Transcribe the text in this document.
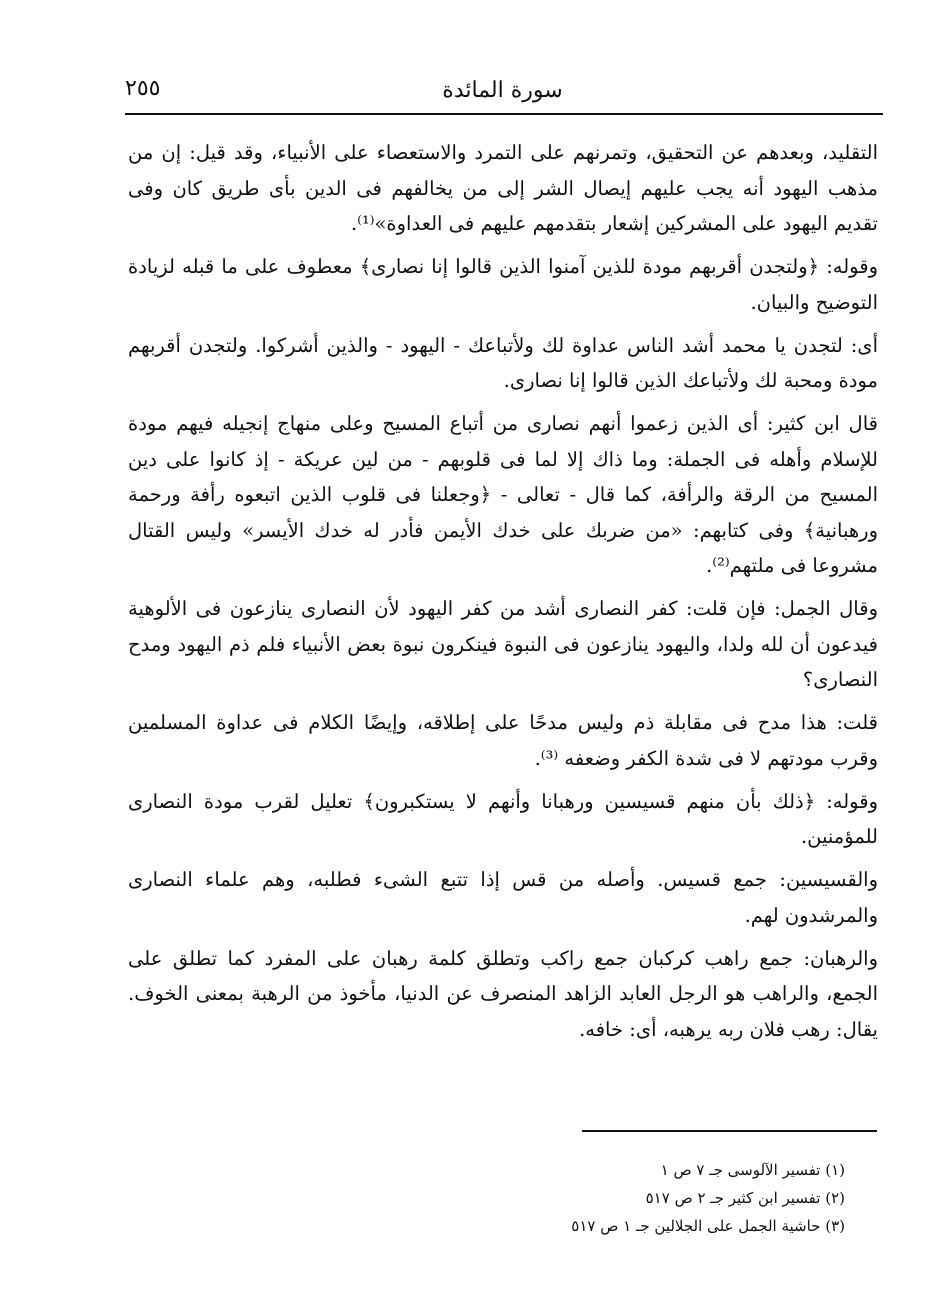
سورة المائدة
٢٥٥

التقليد، وبعدهم عن التحقيق، وتمرنهم على التمرد والاستعصاء على الأنبياء، وقد قيل: إن من مذهب اليهود أنه يجب عليهم إيصال الشر إلى من يخالفهم فى الدين بأى طريق كان وفى تقديم اليهود على المشركين إشعار بتقدمهم عليهم فى العداوة»⁽¹⁾.

وقوله: ﴿ولتجدن أقربهم مودة للذين آمنوا الذين قالوا إنا نصارى﴾ معطوف على ما قبله لزيادة التوضيح والبيان.

أى: لتجدن يا محمد أشد الناس عداوة لك ولأتباعك - اليهود - والذين أشركوا. ولتجدن أقربهم مودة ومحبة لك ولأتباعك الذين قالوا إنا نصارى.

قال ابن كثير: أى الذين زعموا أنهم نصارى من أتباع المسيح وعلى منهاج إنجيله فيهم مودة للإسلام وأهله فى الجملة: وما ذاك إلا لما فى قلوبهم - من لين عريكة - إذ كانوا على دين المسيح من الرقة والرأفة، كما قال - تعالى - ﴿وجعلنا فى قلوب الذين اتبعوه رأفة ورحمة ورهبانية﴾ وفى كتابهم: «من ضربك على خدك الأيمن فأدر له خدك الأيسر» وليس القتال مشروعا فى ملتهم⁽²⁾.

وقال الجمل: فإن قلت: كفر النصارى أشد من كفر اليهود لأن النصارى ينازعون فى الألوهية فيدعون أن لله ولدا، واليهود ينازعون فى النبوة فينكرون نبوة بعض الأنبياء فلم ذم اليهود ومدح النصارى؟

قلت: هذا مدح فى مقابلة ذم وليس مدحًا على إطلاقه، وإيضًا الكلام فى عداوة المسلمين وقرب مودتهم لا فى شدة الكفر وضعفه ⁽³⁾.

وقوله: ﴿ذلك بأن منهم قسيسين ورهبانا وأنهم لا يستكبرون﴾ تعليل لقرب مودة النصارى للمؤمنين.

والقسيسين: جمع قسيس. وأصله من قس إذا تتبع الشىء فطلبه، وهم علماء النصارى والمرشدون لهم.

والرهبان: جمع راهب كركبان جمع راكب وتطلق كلمة رهبان على المفرد كما تطلق على الجمع، والراهب هو الرجل العابد الزاهد المنصرف عن الدنيا، مأخوذ من الرهبة بمعنى الخوف. يقال: رهب فلان ربه يرهبه، أى: خافه.

(١) تفسير الآلوسى جـ ٧ ص ١
(٢) تفسير ابن كثير جـ ٢ ص ٥١٧
(٣) حاشية الجمل على الجلالين جـ ١ ص ٥١٧
